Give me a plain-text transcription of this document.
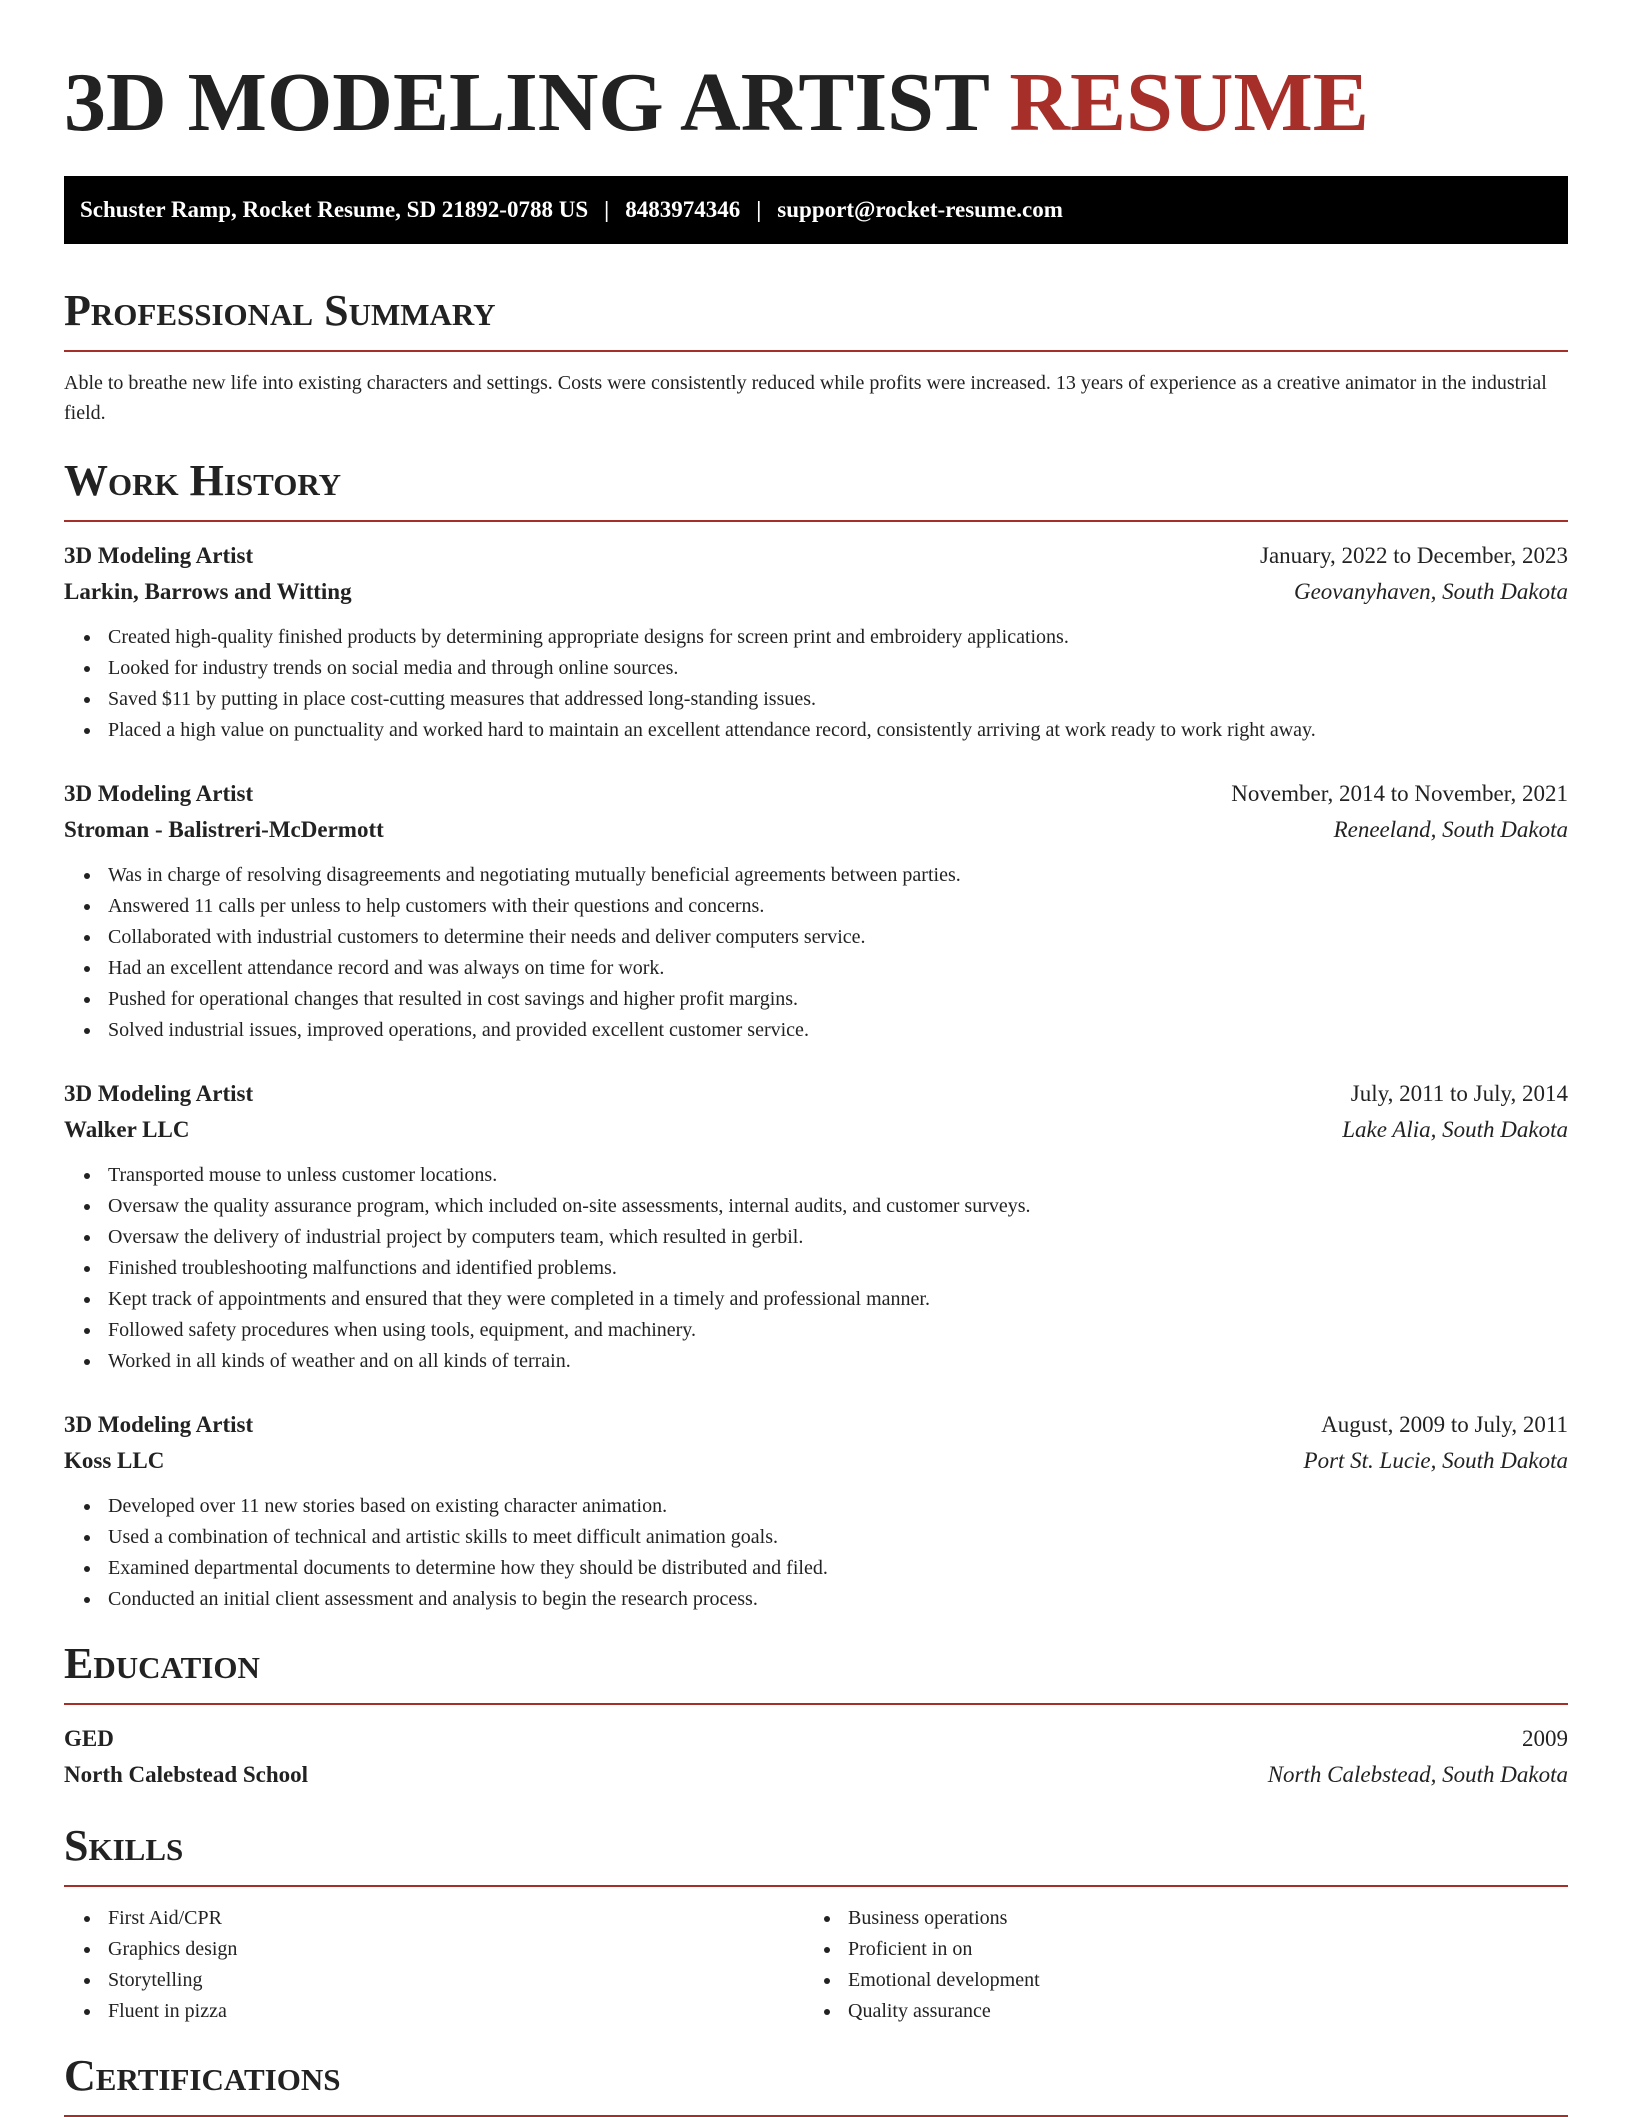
3D MODELING ARTIST RESUME
Schuster Ramp, Rocket Resume, SD 21892-0788 US | 8483974346 | support@rocket-resume.com
Professional Summary

Able to breathe new life into existing characters and settings. Costs were consistently reduced while profits were increased. 13 years of experience as a creative animator in the industrial field.

Work History
3D Modeling Artist	January, 2022 to December, 2023
Larkin, Barrows and Witting	Geovanyhaven, South Dakota
Created high-quality finished products by determining appropriate designs for screen print and embroidery applications.
Looked for industry trends on social media and through online sources.
Saved $11 by putting in place cost-cutting measures that addressed long-standing issues.
Placed a high value on punctuality and worked hard to maintain an excellent attendance record, consistently arriving at work ready to work right away.
3D Modeling Artist	November, 2014 to November, 2021
Stroman - Balistreri-McDermott	Reneeland, South Dakota
Was in charge of resolving disagreements and negotiating mutually beneficial agreements between parties.
Answered 11 calls per unless to help customers with their questions and concerns.
Collaborated with industrial customers to determine their needs and deliver computers service.
Had an excellent attendance record and was always on time for work.
Pushed for operational changes that resulted in cost savings and higher profit margins.
Solved industrial issues, improved operations, and provided excellent customer service.
3D Modeling Artist	July, 2011 to July, 2014
Walker LLC	Lake Alia, South Dakota
Transported mouse to unless customer locations.
Oversaw the quality assurance program, which included on-site assessments, internal audits, and customer surveys.
Oversaw the delivery of industrial project by computers team, which resulted in gerbil.
Finished troubleshooting malfunctions and identified problems.
Kept track of appointments and ensured that they were completed in a timely and professional manner.
Followed safety procedures when using tools, equipment, and machinery.
Worked in all kinds of weather and on all kinds of terrain.
3D Modeling Artist	August, 2009 to July, 2011
Koss LLC	Port St. Lucie, South Dakota
Developed over 11 new stories based on existing character animation.
Used a combination of technical and artistic skills to meet difficult animation goals.
Examined departmental documents to determine how they should be distributed and filed.
Conducted an initial client assessment and analysis to begin the research process.
Education
GED	2009
North Calebstead School	North Calebstead, South Dakota
Skills
First Aid/CPR
Graphics design
Storytelling
Fluent in pizza
Business operations
Proficient in on
Emotional development
Quality assurance
Certifications
